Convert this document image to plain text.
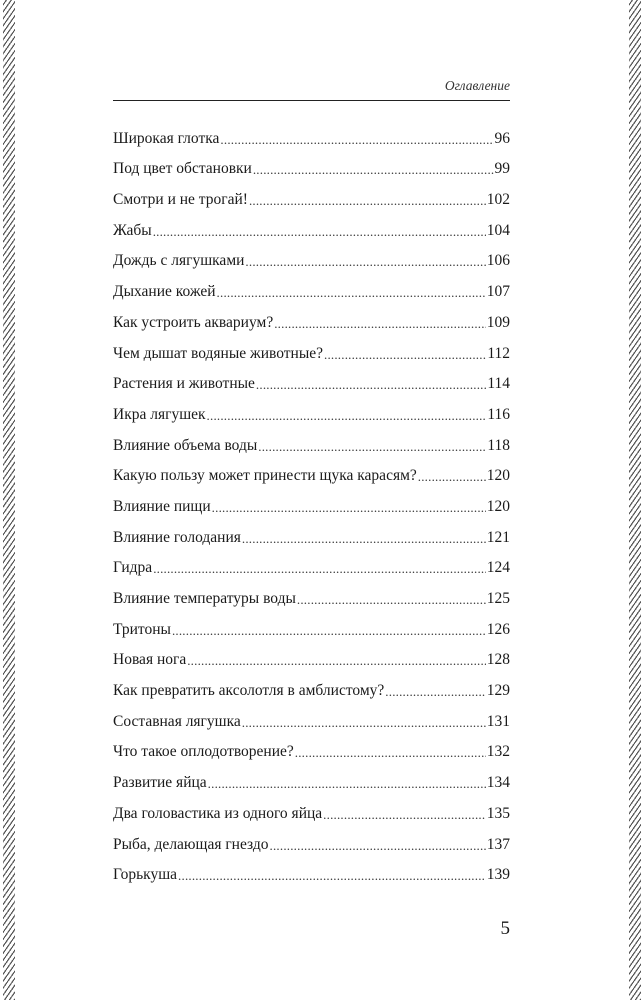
Оглавление
Широкая глотка .....	96
Под цвет обстановки .....	99
Смотри и не трогай! .....	102
Жабы .....	104
Дождь с лягушками .....	106
Дыхание кожей .....	107
Как устроить аквариум? .....	109
Чем дышат водяные животные? .....	112
Растения и животные .....	114
Икра лягушек .....	116
Влияние объема воды .....	118
Какую пользу может принести щука карасям? .....	120
Влияние пищи .....	120
Влияние голодания .....	121
Гидра .....	124
Влияние температуры воды .....	125
Тритоны .....	126
Новая нога .....	128
Как превратить аксолотля в амблистому? .....	129
Составная лягушка .....	131
Что такое оплодотворение? .....	132
Развитие яйца .....	134
Два головастика из одного яйца .....	135
Рыба, делающая гнездо .....	137
Горькуша .....	139
5
